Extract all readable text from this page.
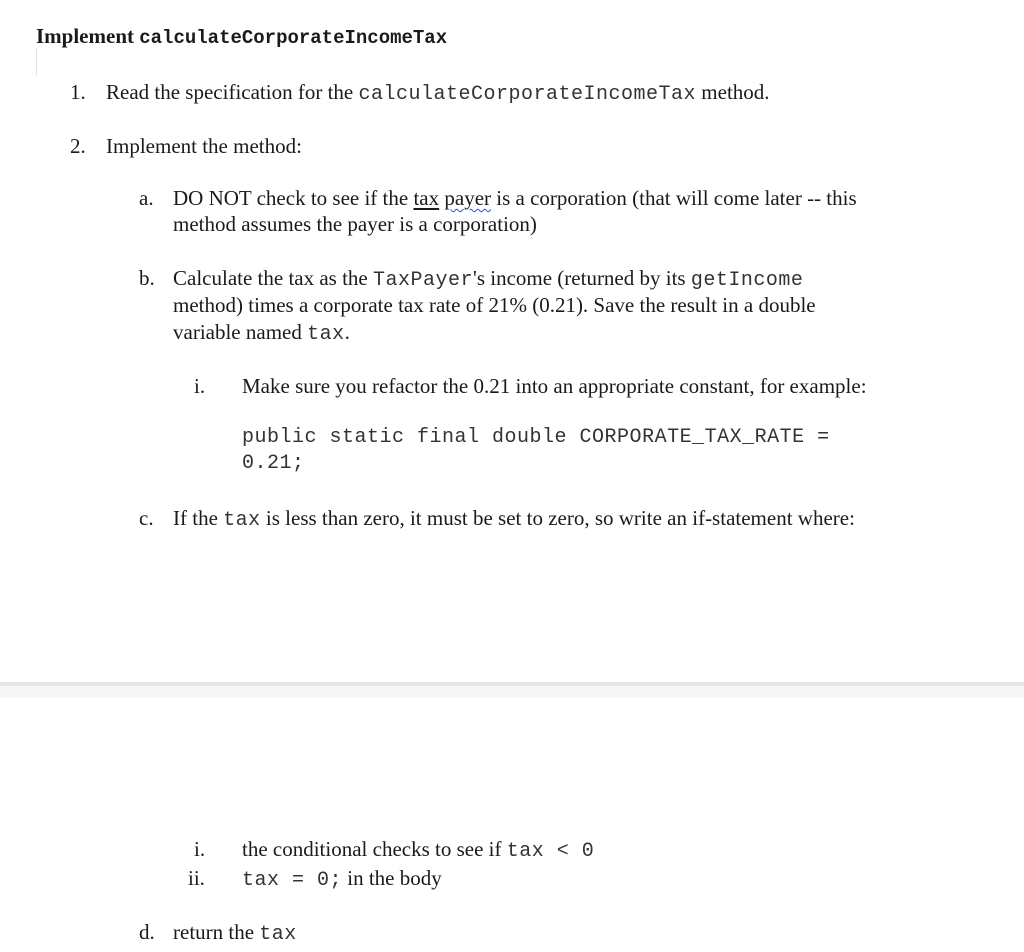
Implement calculateCorporateIncomeTax
1. Read the specification for the calculateCorporateIncomeTax method.
2. Implement the method:
a. DO NOT check to see if the tax payer is a corporation (that will come later -- this
method assumes the payer is a corporation)
b. Calculate the tax as the TaxPayer's income (returned by its getIncome
method) times a corporate tax rate of 21% (0.21). Save the result in a double
variable named tax.
i. Make sure you refactor the 0.21 into an appropriate constant, for example:
public static final double CORPORATE_TAX_RATE =
0.21;
c. If the tax is less than zero, it must be set to zero, so write an if-statement where:
i. the conditional checks to see if tax < 0
ii. tax = 0; in the body
d. return the tax
